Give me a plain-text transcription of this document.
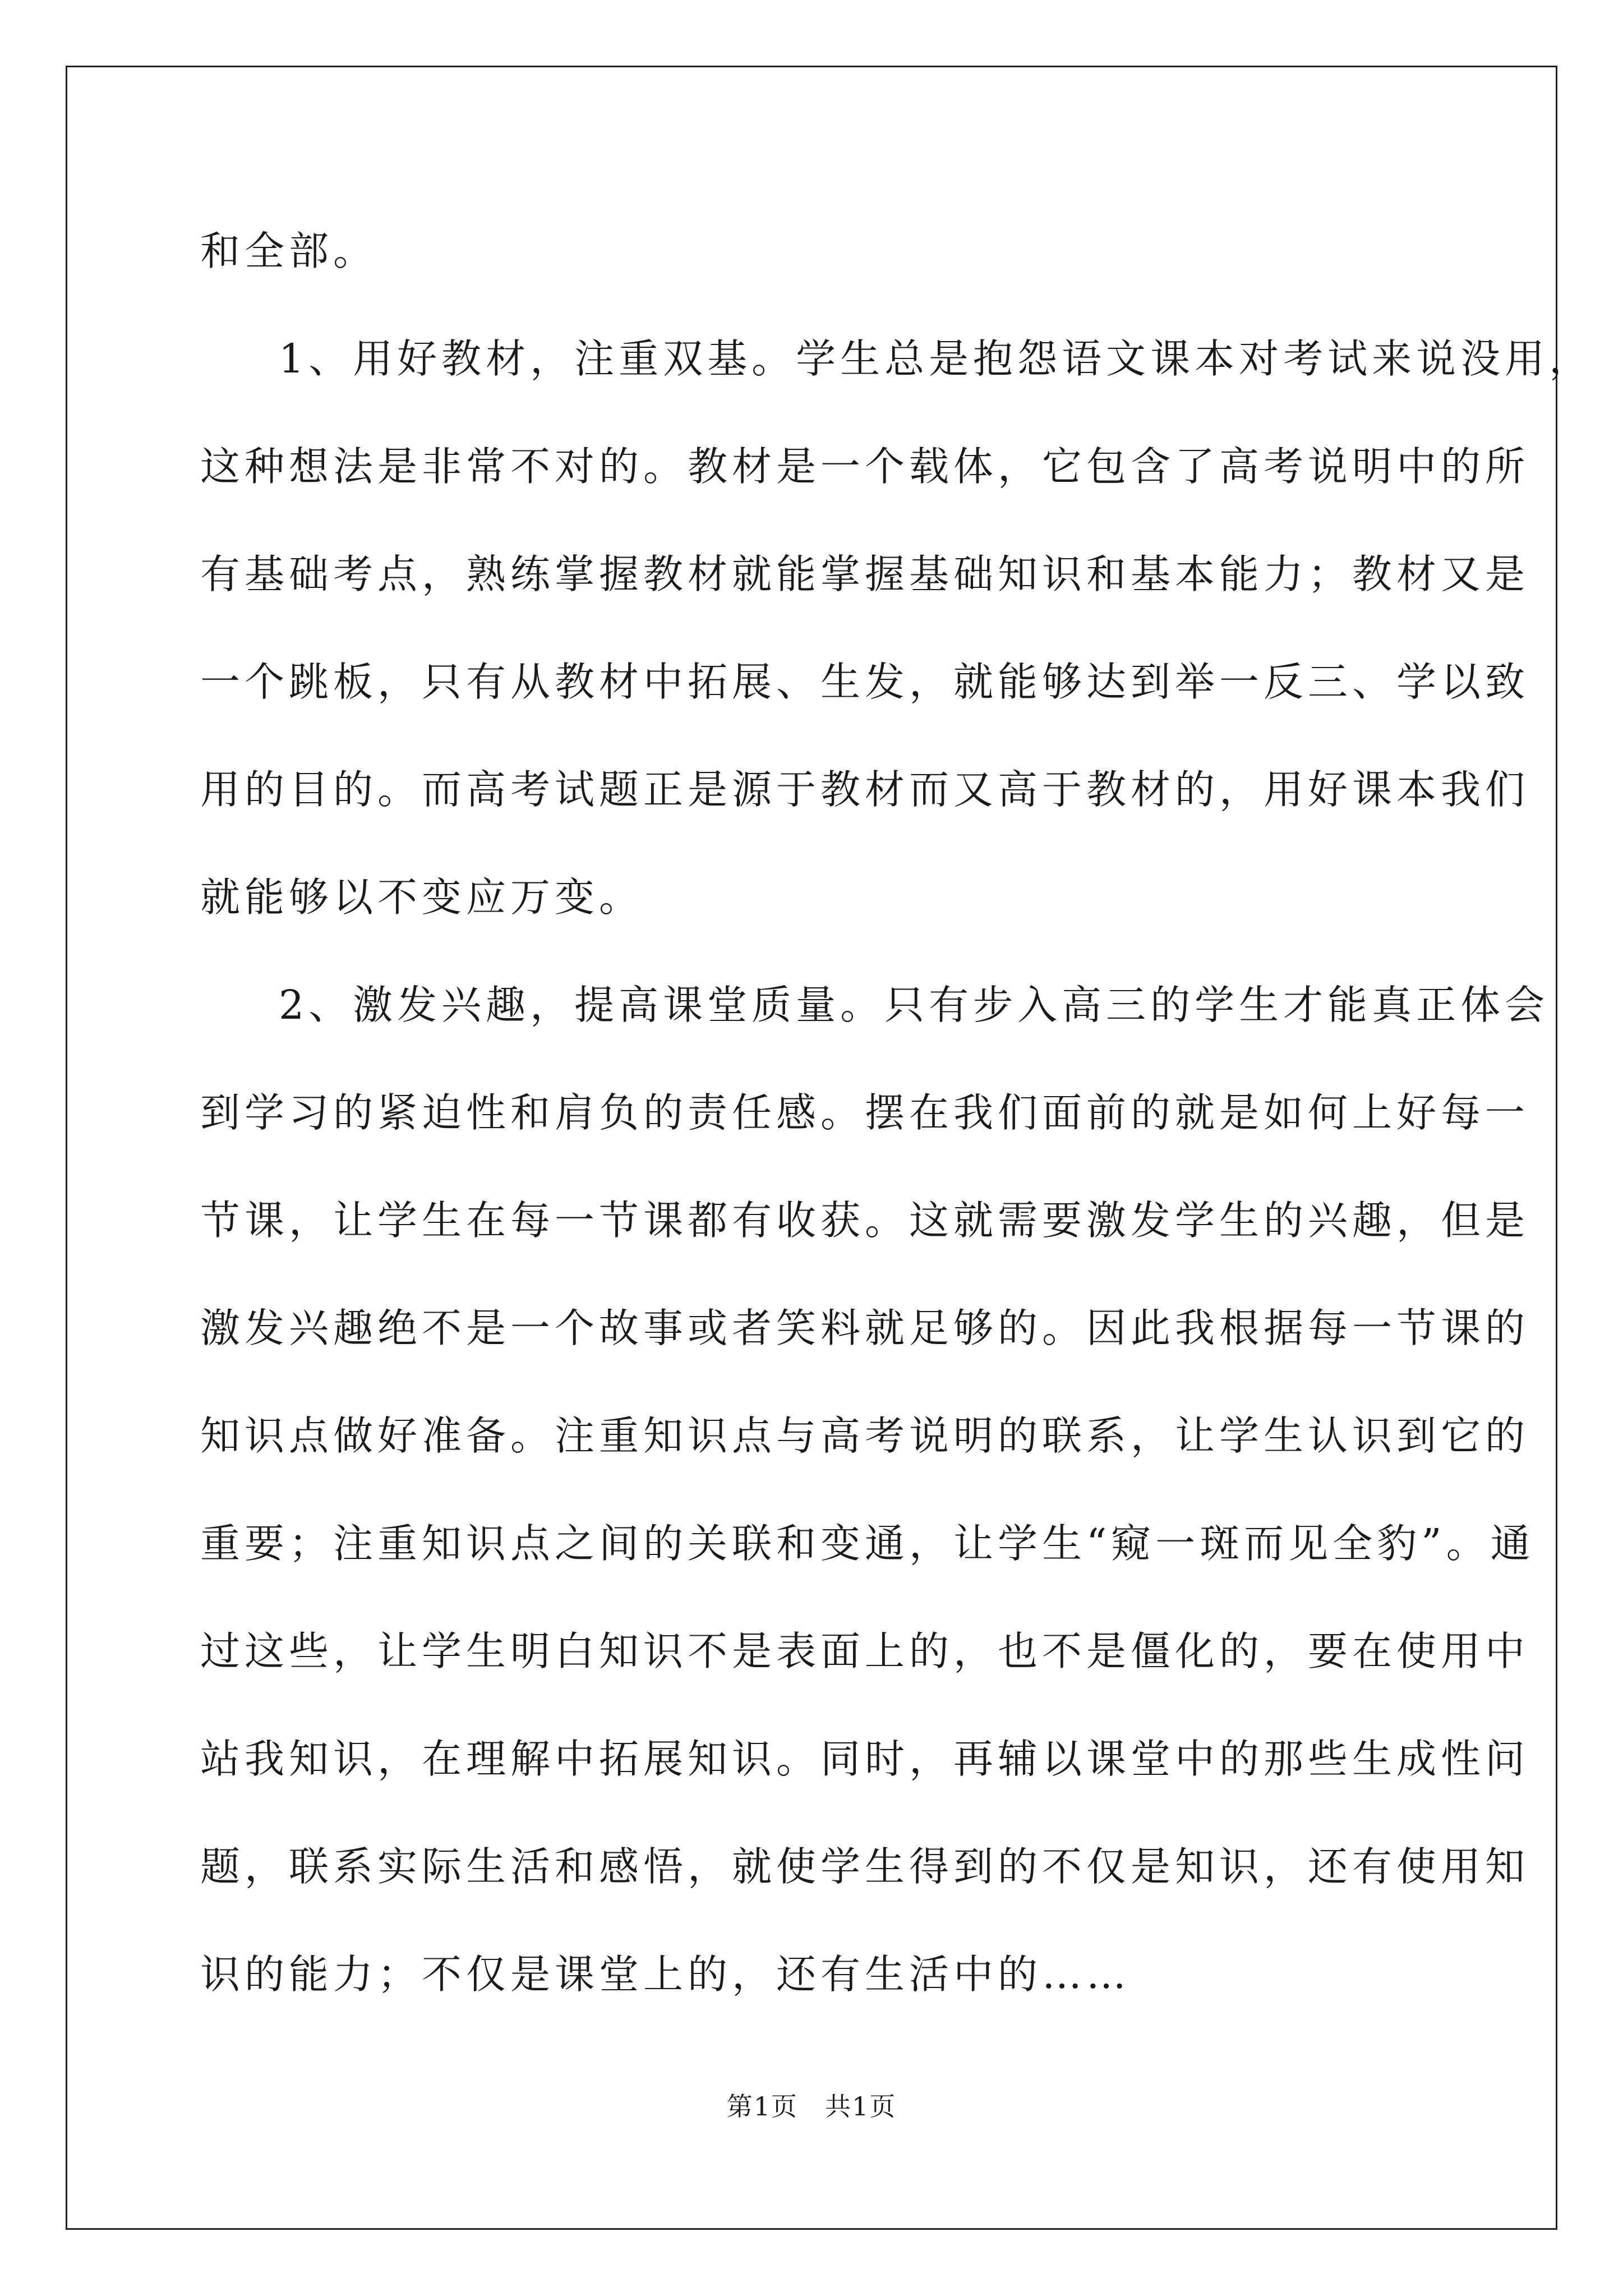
和全部。
1、用好教材，注重双基。学生总是抱怨语文课本对考试来说没用，
这种想法是非常不对的。教材是一个载体，它包含了高考说明中的所
有基础考点，熟练掌握教材就能掌握基础知识和基本能力；教材又是
一个跳板，只有从教材中拓展、生发，就能够达到举一反三、学以致
用的目的。而高考试题正是源于教材而又高于教材的，用好课本我们
就能够以不变应万变。
2、激发兴趣，提高课堂质量。只有步入高三的学生才能真正体会
到学习的紧迫性和肩负的责任感。摆在我们面前的就是如何上好每一
节课，让学生在每一节课都有收获。这就需要激发学生的兴趣，但是
激发兴趣绝不是一个故事或者笑料就足够的。因此我根据每一节课的
知识点做好准备。注重知识点与高考说明的联系，让学生认识到它的
重要；注重知识点之间的关联和变通，让学生“窥一斑而见全豹”。通
过这些，让学生明白知识不是表面上的，也不是僵化的，要在使用中
站我知识，在理解中拓展知识。同时，再辅以课堂中的那些生成性问
题，联系实际生活和感悟，就使学生得到的不仅是知识，还有使用知
识的能力；不仅是课堂上的，还有生活中的……
第1页　共1页
